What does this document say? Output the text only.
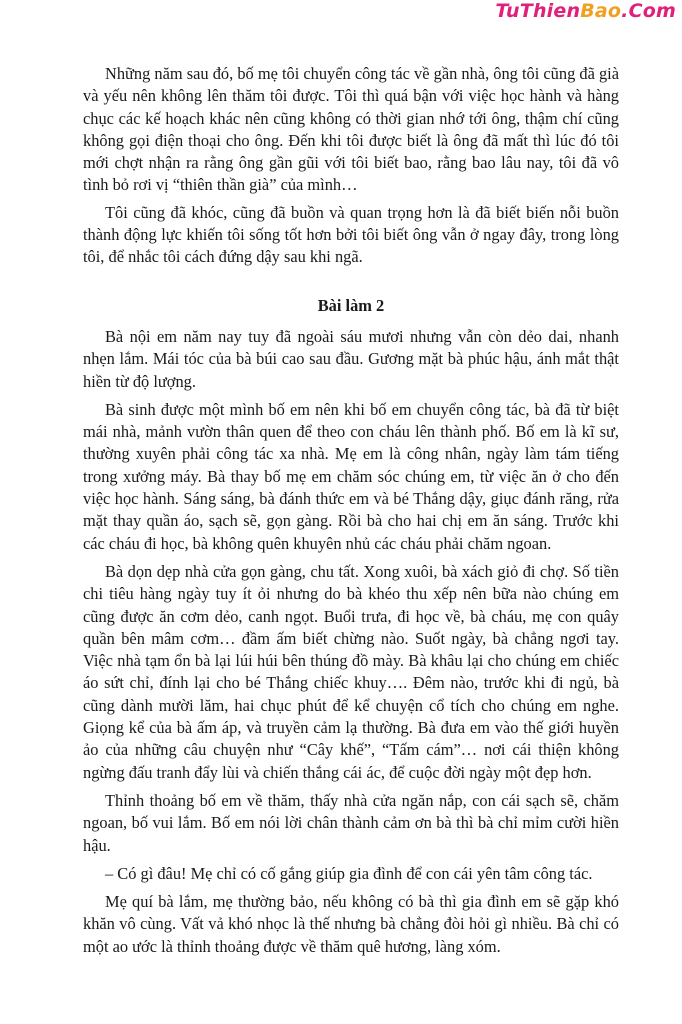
TuThienBao.Com

Những năm sau đó, bố mẹ tôi chuyển công tác về gần nhà, ông tôi cũng đã già và yếu nên không lên thăm tôi được. Tôi thì quá bận với việc học hành và hàng chục các kế hoạch khác nên cũng không có thời gian nhớ tới ông, thậm chí cũng không gọi điện thoại cho ông. Đến khi tôi được biết là ông đã mất thì lúc đó tôi mới chợt nhận ra rằng ông gần gũi với tôi biết bao, rằng bao lâu nay, tôi đã vô tình bỏ rơi vị “thiên thần già” của mình…

Tôi cũng đã khóc, cũng đã buồn và quan trọng hơn là đã biết biến nỗi buồn thành động lực khiến tôi sống tốt hơn bởi tôi biết ông vẫn ở ngay đây, trong lòng tôi, để nhắc tôi cách đứng dậy sau khi ngã.

Bài làm 2

Bà nội em năm nay tuy đã ngoài sáu mươi nhưng vẫn còn dẻo dai, nhanh nhẹn lắm. Mái tóc của bà búi cao sau đầu. Gương mặt bà phúc hậu, ánh mắt thật hiền từ độ lượng.

Bà sinh được một mình bố em nên khi bố em chuyển công tác, bà đã từ biệt mái nhà, mảnh vườn thân quen để theo con cháu lên thành phố. Bố em là kĩ sư, thường xuyên phải công tác xa nhà. Mẹ em là công nhân, ngày làm tám tiếng trong xưởng máy. Bà thay bố mẹ em chăm sóc chúng em, từ việc ăn ở cho đến việc học hành. Sáng sáng, bà đánh thức em và bé Thắng dậy, giục đánh răng, rửa mặt thay quần áo, sạch sẽ, gọn gàng. Rồi bà cho hai chị em ăn sáng. Trước khi các cháu đi học, bà không quên khuyên nhủ các cháu phải chăm ngoan.

Bà dọn dẹp nhà cửa gọn gàng, chu tất. Xong xuôi, bà xách giỏ đi chợ. Số tiền chi tiêu hàng ngày tuy ít ỏi nhưng do bà khéo thu xếp nên bữa nào chúng em cũng được ăn cơm dẻo, canh ngọt. Buổi trưa, đi học về, bà cháu, mẹ con quây quần bên mâm cơm… đầm ấm biết chừng nào. Suốt ngày, bà chẳng ngơi tay. Việc nhà tạm ổn bà lại lúi húi bên thúng đồ mày. Bà khâu lại cho chúng em chiếc áo sứt chỉ, đính lại cho bé Thắng chiếc khuy…. Đêm nào, trước khi đi ngủ, bà cũng dành mười lăm, hai chục phút để kể chuyện cổ tích cho chúng em nghe. Giọng kể của bà ấm áp, và truyền cảm lạ thường. Bà đưa em vào thế giới huyền ảo của những câu chuyện như “Cây khế”, “Tấm cám”… nơi cái thiện không ngừng đấu tranh đẩy lùi và chiến thắng cái ác, để cuộc đời ngày một đẹp hơn.

Thỉnh thoảng bố em về thăm, thấy nhà cửa ngăn nắp, con cái sạch sẽ, chăm ngoan, bố vui lắm. Bố em nói lời chân thành cảm ơn bà thì bà chỉ mỉm cười hiền hậu.

– Có gì đâu! Mẹ chỉ có cố gắng giúp gia đình để con cái yên tâm công tác.

Mẹ quí bà lắm, mẹ thường bảo, nếu không có bà thì gia đình em sẽ gặp khó khăn vô cùng. Vất vả khó nhọc là thế nhưng bà chẳng đòi hỏi gì nhiều. Bà chỉ có một ao ước là thỉnh thoảng được về thăm quê hương, làng xóm.
